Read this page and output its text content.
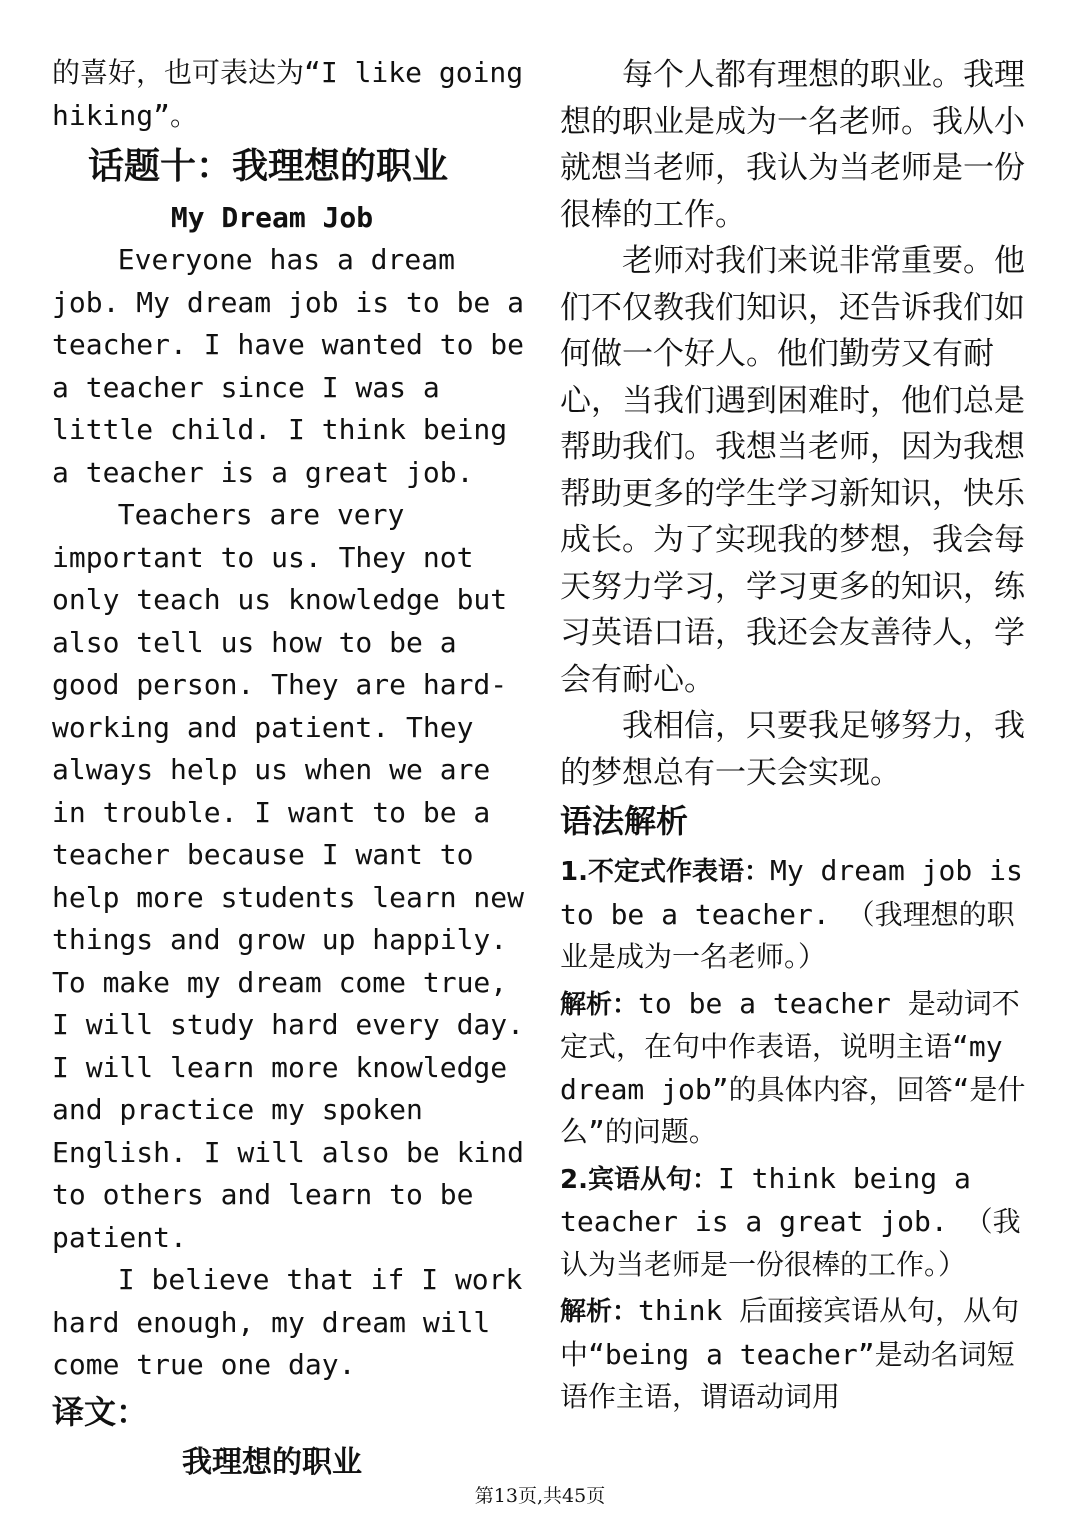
的喜好，也可表达为“I like going hiking”。

话题十：我理想的职业

My Dream Job

Everyone has a dream job. My dream job is to be a teacher. I have wanted to be a teacher since I was a little child. I think being a teacher is a great job.

Teachers are very important to us. They not only teach us knowledge but also tell us how to be a good person. They are hard-working and patient. They always help us when we are in trouble. I want to be a teacher because I want to help more students learn new things and grow up happily. To make my dream come true, I will study hard every day. I will learn more knowledge and practice my spoken English. I will also be kind to others and learn to be patient.

I believe that if I work hard enough, my dream will come true one day.

译文：

我理想的职业

每个人都有理想的职业。我理想的职业是成为一名老师。我从小就想当老师，我认为当老师是一份很棒的工作。

老师对我们来说非常重要。他们不仅教我们知识，还告诉我们如何做一个好人。他们勤劳又有耐心，当我们遇到困难时，他们总是帮助我们。我想当老师，因为我想帮助更多的学生学习新知识，快乐成长。为了实现我的梦想，我会每天努力学习，学习更多的知识，练习英语口语，我还会友善待人，学会有耐心。

我相信，只要我足够努力，我的梦想总有一天会实现。

语法解析

1.不定式作表语：My dream job is to be a teacher. （我理想的职业是成为一名老师。）

解析：to be a teacher 是动词不定式，在句中作表语，说明主语“my dream job”的具体内容，回答“是什么”的问题。

2.宾语从句：I think being a teacher is a great job. （我认为当老师是一份很棒的工作。）

解析：think 后面接宾语从句，从句中“being a teacher”是动名词短语作主语，谓语动词用

第13页,共45页
